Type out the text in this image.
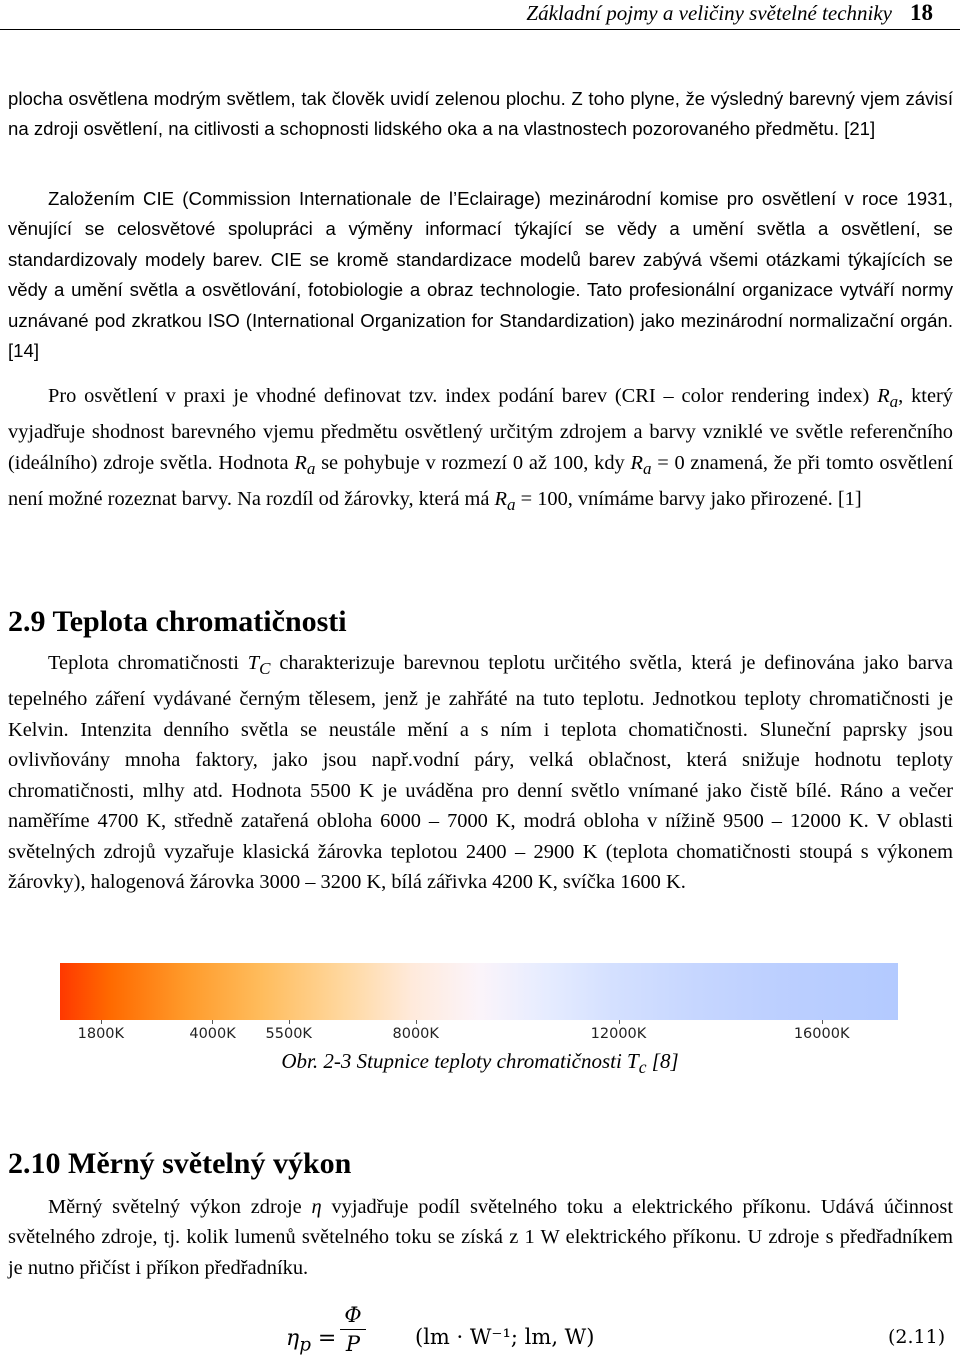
Základní pojmy a veličiny světelné techniky 18

plocha osvětlena modrým světlem, tak člověk uvidí zelenou plochu. Z toho plyne, že výsledný barevný vjem závisí na zdroji osvětlení, na citlivosti a schopnosti lidského oka a na vlastnostech pozorovaného předmětu. [21]

Založením CIE (Commission Internationale de l’Eclairage) mezinárodní komise pro osvětlení v roce 1931, věnující se celosvětové spolupráci a výměny informací týkající se vědy a umění světla a osvětlení, se standardizovaly modely barev. CIE se kromě standardizace modelů barev zabývá všemi otázkami týkajících se vědy a umění světla a osvětlování, fotobiologie a obraz technologie. Tato profesionální organizace vytváří normy uznávané pod zkratkou ISO (International Organization for Standardization) jako mezinárodní normalizační orgán. [14]

Pro osvětlení v praxi je vhodné definovat tzv. index podání barev (CRI – color rendering index) $R_a$, který vyjadřuje shodnost barevného vjemu předmětu osvětlený určitým zdrojem a barvy vzniklé ve světle referenčního (ideálního) zdroje světla. Hodnota $R_a$ se pohybuje v rozmezí 0 až 100, kdy $R_a = 0$ znamená, že při tomto osvětlení není možné rozeznat barvy. Na rozdíl od žárovky, která má $R_a = 100$, vnímáme barvy jako přirozené. [1]

2.9 Teplota chromatičnosti

Teplota chromatičnosti $T_C$ charakterizuje barevnou teplotu určitého světla, která je definována jako barva tepelného záření vydávané černým tělesem, jenž je zahřáté na tuto teplotu. Jednotkou teploty chromatičnosti je Kelvin. Intenzita denního světla se neustále mění a s ním i teplota chomatičnosti. Sluneční paprsky jsou ovlivňovány mnoha faktory, jako jsou např.vodní páry, velká oblačnost, která snižuje hodnotu teploty chromatičnosti, mlhy atd. Hodnota 5500 K je uváděna pro denní světlo vnímané jako čistě bílé. Ráno a večer naměříme 4700 K, středně zatařená obloha 6000 – 7000 K, modrá obloha v nížině 9500 – 12000 K. V oblasti světelných zdrojů vyzařuje klasická žárovka teplotou 2400 – 2900 K (teplota chomatičnosti stoupá s výkonem žárovky), halogenová žárovka 3000 – 3200 K, bílá zářivka 4200 K, svíčka 1600 K.

1800K	4000K 5500K	8000K	12000K	16000K
Obr. 2-3 Stupnice teploty chromatičnosti $T_c$ [8]
2.10 Měrný světelný výkon

Měrný světelný výkon zdroje η vyjadřuje podíl světelného toku a elektrického příkonu. Udává účinnost světelného zdroje, tj. kolik lumenů světelného toku se získá z 1 W elektrického příkonu. U zdroje s předřadníkem je nutno přičíst i příkon předřadníku.

$\eta_p$ =
Φ
P	(lm · W⁻¹; lm, W)	(2.11)
